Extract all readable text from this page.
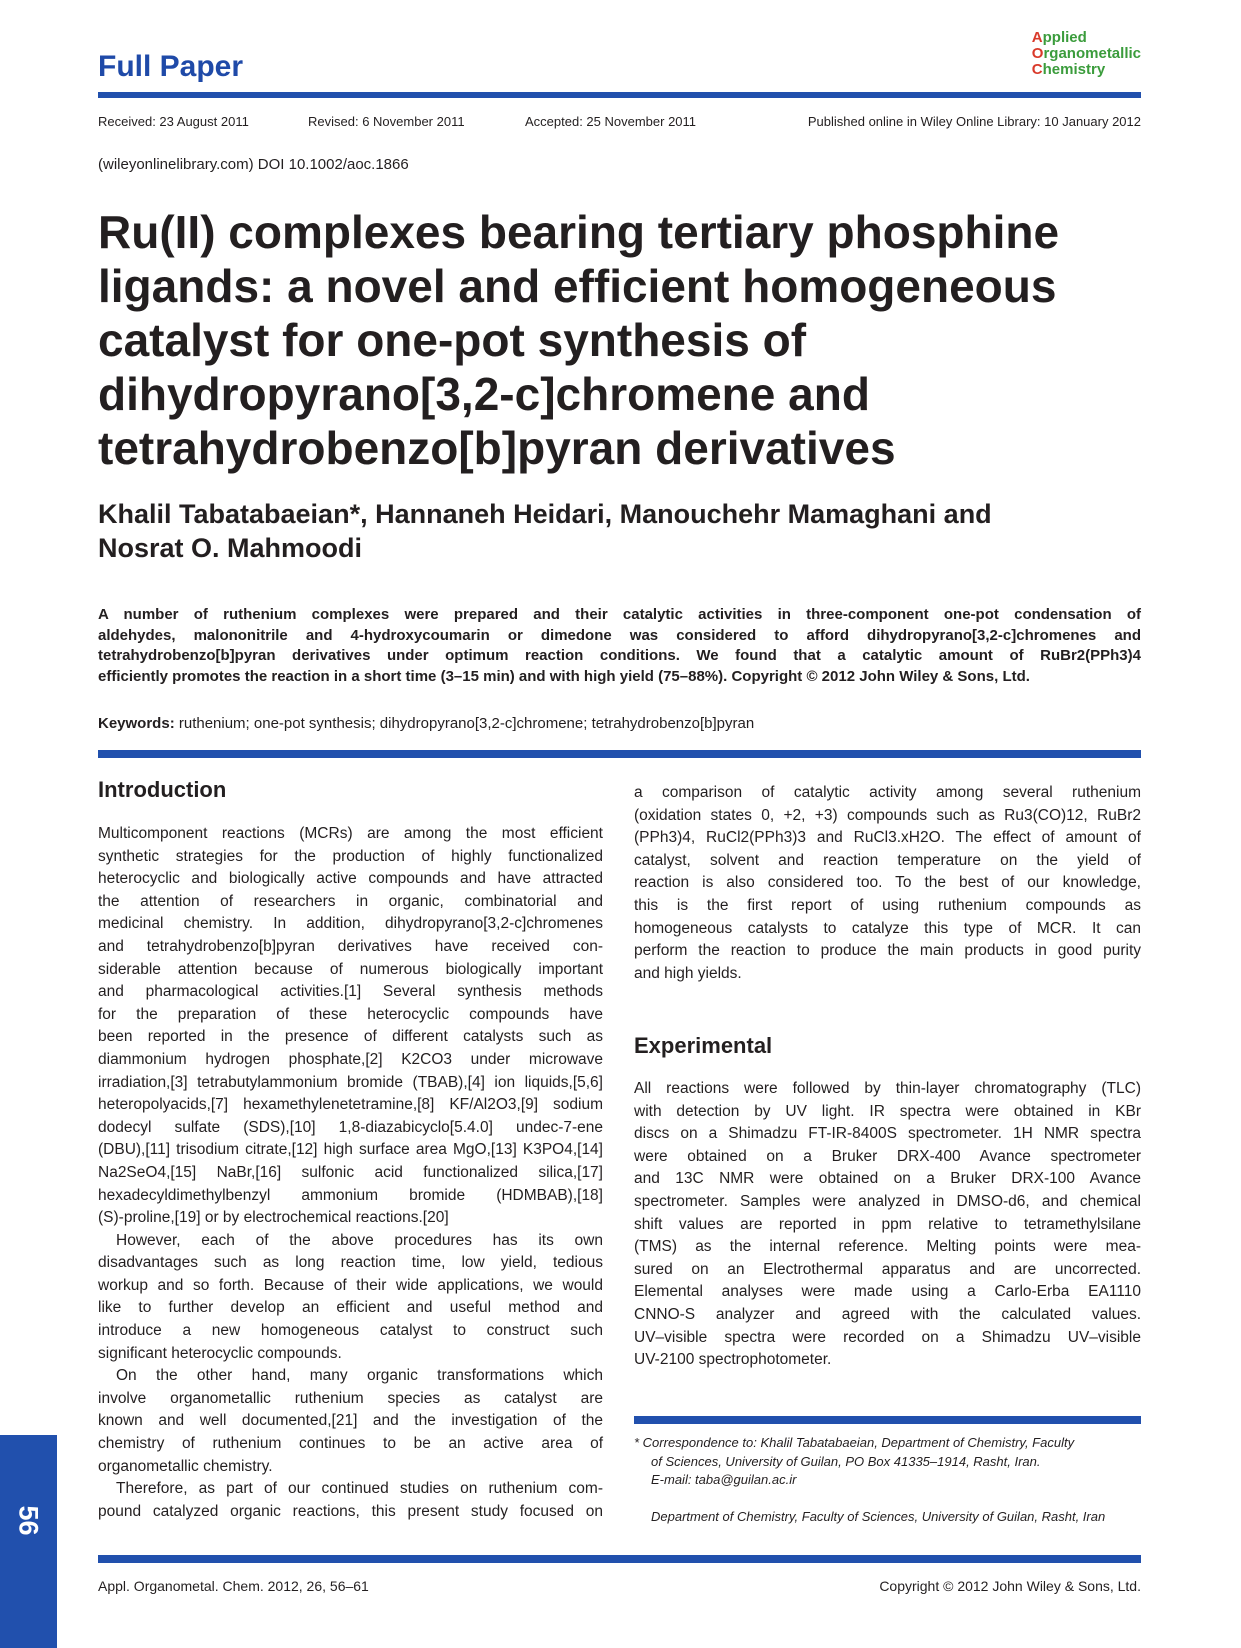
Full Paper
Applied
Organometallic
Chemistry
Received: 23 August 2011	Revised: 6 November 2011	Accepted: 25 November 2011	Published online in Wiley Online Library: 10 January 2012
(wileyonlinelibrary.com) DOI 10.1002/aoc.1866

Ru(II) complexes bearing tertiary phosphine

ligands: a novel and efficient homogeneous

catalyst for one-pot synthesis of

dihydropyrano[3,2-c]chromene and

tetrahydrobenzo[b]pyran derivatives

Khalil Tabatabaeian*, Hannaneh Heidari, Manouchehr Mamaghani and

Nosrat O. Mahmoodi

A number of ruthenium complexes were prepared and their catalytic activities in three-component one-pot condensation of

aldehydes, malononitrile and 4-hydroxycoumarin or dimedone was considered to afford dihydropyrano[3,2-c]chromenes and

tetrahydrobenzo[b]pyran derivatives under optimum reaction conditions. We found that a catalytic amount of RuBr2(PPh3)4

efficiently promotes the reaction in a short time (3–15 min) and with high yield (75–88%). Copyright © 2012 John Wiley & Sons, Ltd.

Keywords: ruthenium; one-pot synthesis; dihydropyrano[3,2-c]chromene; tetrahydrobenzo[b]pyran
Introduction

Multicomponent reactions (MCRs) are among the most efficient

synthetic strategies for the production of highly functionalized

heterocyclic and biologically active compounds and have attracted

the attention of researchers in organic, combinatorial and

medicinal chemistry. In addition, dihydropyrano[3,2-c]chromenes

and tetrahydrobenzo[b]pyran derivatives have received con-

siderable attention because of numerous biologically important

and pharmacological activities.[1] Several synthesis methods

for the preparation of these heterocyclic compounds have

been reported in the presence of different catalysts such as

diammonium hydrogen phosphate,[2] K2CO3 under microwave

irradiation,[3] tetrabutylammonium bromide (TBAB),[4] ion liquids,[5,6]

heteropolyacids,[7] hexamethylenetetramine,[8] KF/Al2O3,[9] sodium

dodecyl sulfate (SDS),[10] 1,8-diazabicyclo[5.4.0] undec-7-ene

(DBU),[11] trisodium citrate,[12] high surface area MgO,[13] K3PO4,[14]

Na2SeO4,[15] NaBr,[16] sulfonic acid functionalized silica,[17]

hexadecyldimethylbenzyl ammonium bromide (HDMBAB),[18]

(S)-proline,[19] or by electrochemical reactions.[20]

However, each of the above procedures has its own

disadvantages such as long reaction time, low yield, tedious

workup and so forth. Because of their wide applications, we would

like to further develop an efficient and useful method and

introduce a new homogeneous catalyst to construct such

significant heterocyclic compounds.

On the other hand, many organic transformations which

involve organometallic ruthenium species as catalyst are

known and well documented,[21] and the investigation of the

chemistry of ruthenium continues to be an active area of

organometallic chemistry.

Therefore, as part of our continued studies on ruthenium com-

pound catalyzed organic reactions, this present study focused on

a comparison of catalytic activity among several ruthenium

(oxidation states 0, +2, +3) compounds such as Ru3(CO)12, RuBr2

(PPh3)4, RuCl2(PPh3)3 and RuCl3.xH2O. The effect of amount of

catalyst, solvent and reaction temperature on the yield of

reaction is also considered too. To the best of our knowledge,

this is the first report of using ruthenium compounds as

homogeneous catalysts to catalyze this type of MCR. It can

perform the reaction to produce the main products in good purity

and high yields.

Experimental

All reactions were followed by thin-layer chromatography (TLC)

with detection by UV light. IR spectra were obtained in KBr

discs on a Shimadzu FT-IR-8400S spectrometer. 1H NMR spectra

were obtained on a Bruker DRX-400 Avance spectrometer

and 13C NMR were obtained on a Bruker DRX-100 Avance

spectrometer. Samples were analyzed in DMSO-d6, and chemical

shift values are reported in ppm relative to tetramethylsilane

(TMS) as the internal reference. Melting points were mea-

sured on an Electrothermal apparatus and are uncorrected.

Elemental analyses were made using a Carlo-Erba EA1110

CNNO-S analyzer and agreed with the calculated values.

UV–visible spectra were recorded on a Shimadzu UV–visible

UV-2100 spectrophotometer.

* Correspondence to: Khalil Tabatabaeian, Department of Chemistry, Faculty

of Sciences, University of Guilan, PO Box 41335–1914, Rasht, Iran.

E-mail: taba@guilan.ac.ir

Department of Chemistry, Faculty of Sciences, University of Guilan, Rasht, Iran
56
Appl. Organometal. Chem. 2012, 26, 56–61	Copyright © 2012 John Wiley & Sons, Ltd.
